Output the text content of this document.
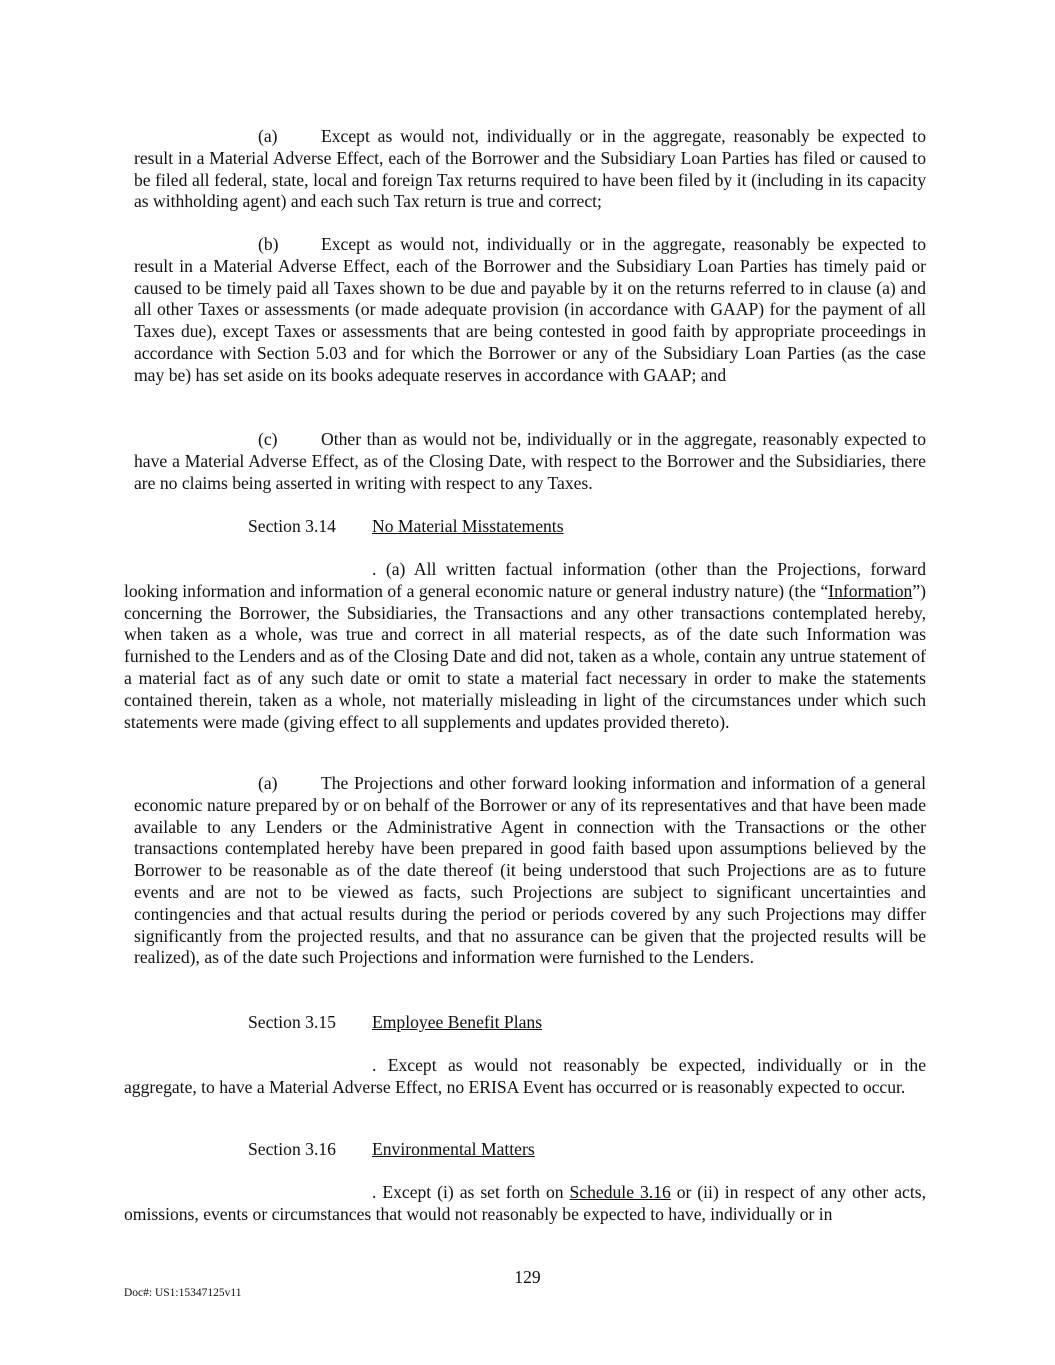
(a) Except as would not, individually or in the aggregate, reasonably be expected to result in a Material Adverse Effect, each of the Borrower and the Subsidiary Loan Parties has filed or caused to be filed all federal, state, local and foreign Tax returns required to have been filed by it (including in its capacity as withholding agent) and each such Tax return is true and correct;

(b) Except as would not, individually or in the aggregate, reasonably be expected to result in a Material Adverse Effect, each of the Borrower and the Subsidiary Loan Parties has timely paid or caused to be timely paid all Taxes shown to be due and payable by it on the returns referred to in clause (a) and all other Taxes or assessments (or made adequate provision (in accordance with GAAP) for the payment of all Taxes due), except Taxes or assessments that are being contested in good faith by appropriate proceedings in accordance with Section 5.03 and for which the Borrower or any of the Subsidiary Loan Parties (as the case may be) has set aside on its books adequate reserves in accordance with GAAP; and

(c) Other than as would not be, individually or in the aggregate, reasonably expected to have a Material Adverse Effect, as of the Closing Date, with respect to the Borrower and the Subsidiaries, there are no claims being asserted in writing with respect to any Taxes.

Section 3.14 No Material Misstatements

. (a) All written factual information (other than the Projections, forward looking information and information of a general economic nature or general industry nature) (the “Information”) concerning the Borrower, the Subsidiaries, the Transactions and any other transactions contemplated hereby, when taken as a whole, was true and correct in all material respects, as of the date such Information was furnished to the Lenders and as of the Closing Date and did not, taken as a whole, contain any untrue statement of a material fact as of any such date or omit to state a material fact necessary in order to make the statements contained therein, taken as a whole, not materially misleading in light of the circumstances under which such statements were made (giving effect to all supplements and updates provided thereto).

(a) The Projections and other forward looking information and information of a general economic nature prepared by or on behalf of the Borrower or any of its representatives and that have been made available to any Lenders or the Administrative Agent in connection with the Transactions or the other transactions contemplated hereby have been prepared in good faith based upon assumptions believed by the Borrower to be reasonable as of the date thereof (it being understood that such Projections are as to future events and are not to be viewed as facts, such Projections are subject to significant uncertainties and contingencies and that actual results during the period or periods covered by any such Projections may differ significantly from the projected results, and that no assurance can be given that the projected results will be realized), as of the date such Projections and information were furnished to the Lenders.

Section 3.15 Employee Benefit Plans

. Except as would not reasonably be expected, individually or in the aggregate, to have a Material Adverse Effect, no ERISA Event has occurred or is reasonably expected to occur.

Section 3.16 Environmental Matters

. Except (i) as set forth on Schedule 3.16 or (ii) in respect of any other acts, omissions, events or circumstances that would not reasonably be expected to have, individually or in

129

Doc#: US1:15347125v11
